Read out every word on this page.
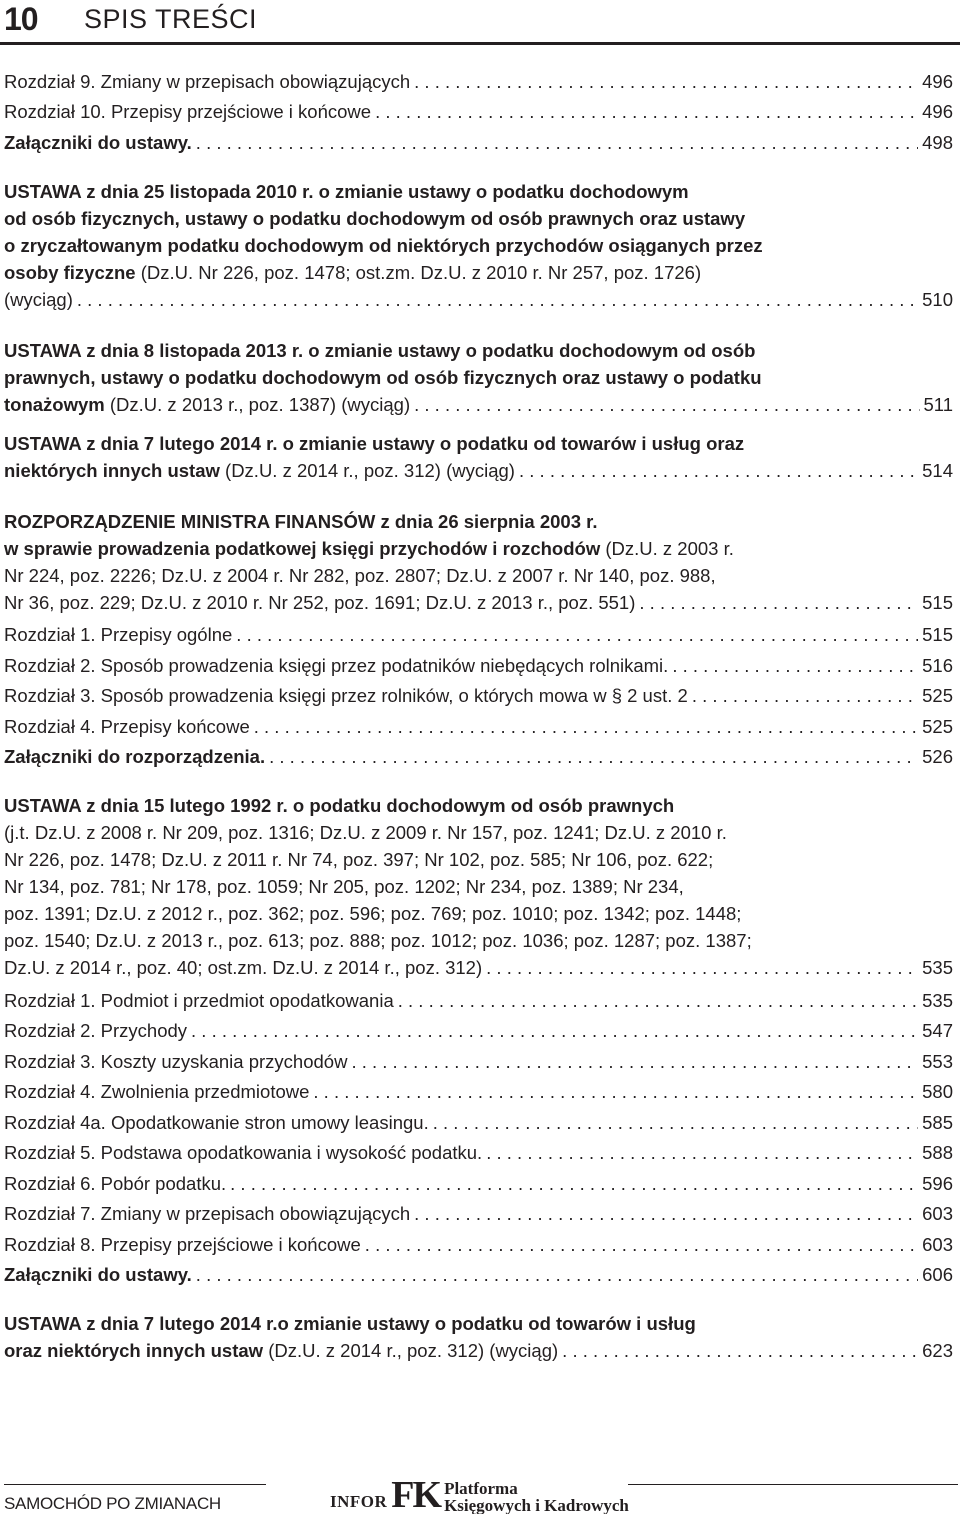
10 SPIS TREŚCI
Rozdział 9. Zmiany w przepisach obowiązujących . . .	496
Rozdział 10. Przepisy przejściowe i końcowe . . .	496
Załączniki do ustawy. . . .	498
USTAWA z dnia 25 listopada 2010 r. o zmianie ustawy o podatku dochodowym
od osób fizycznych, ustawy o podatku dochodowym od osób prawnych oraz ustawy
o zryczałtowanym podatku dochodowym od niektórych przychodów osiąganych przez
osoby fizyczne (Dz.U. Nr 226, poz. 1478; ost.zm. Dz.U. z 2010 r. Nr 257, poz. 1726)
(wyciąg) . . .	510
USTAWA z dnia 8 listopada 2013 r. o zmianie ustawy o podatku dochodowym od osób
prawnych, ustawy o podatku dochodowym od osób fizycznych oraz ustawy o podatku
tonażowym (Dz.U. z 2013 r., poz. 1387) (wyciąg) . . .	511
USTAWA z dnia 7 lutego 2014 r. o zmianie ustawy o podatku od towarów i usług oraz
niektórych innych ustaw (Dz.U. z 2014 r., poz. 312) (wyciąg) . . .	514
ROZPORZĄDZENIE MINISTRA FINANSÓW z dnia 26 sierpnia 2003 r.
w sprawie prowadzenia podatkowej księgi przychodów i rozchodów (Dz.U. z 2003 r.
Nr 224, poz. 2226; Dz.U. z 2004 r. Nr 282, poz. 2807; Dz.U. z 2007 r. Nr 140, poz. 988,
Nr 36, poz. 229; Dz.U. z 2010 r. Nr 252, poz. 1691; Dz.U. z 2013 r., poz. 551) . . .	515
Rozdział 1. Przepisy ogólne . . .	515
Rozdział 2. Sposób prowadzenia księgi przez podatników niebędących rolnikami. . . .	516
Rozdział 3. Sposób prowadzenia księgi przez rolników, o których mowa w § 2 ust. 2 . . .	525
Rozdział 4. Przepisy końcowe . . .	525
Załączniki do rozporządzenia. . . .	526
USTAWA z dnia 15 lutego 1992 r. o podatku dochodowym od osób prawnych
(j.t. Dz.U. z 2008 r. Nr 209, poz. 1316; Dz.U. z 2009 r. Nr 157, poz. 1241; Dz.U. z 2010 r.
Nr 226, poz. 1478; Dz.U. z 2011 r. Nr 74, poz. 397; Nr 102, poz. 585; Nr 106, poz. 622;
Nr 134, poz. 781; Nr 178, poz. 1059; Nr 205, poz. 1202; Nr 234, poz. 1389; Nr 234,
poz. 1391; Dz.U. z 2012 r., poz. 362; poz. 596; poz. 769; poz. 1010; poz. 1342; poz. 1448;
poz. 1540; Dz.U. z 2013 r., poz. 613; poz. 888; poz. 1012; poz. 1036; poz. 1287; poz. 1387;
Dz.U. z 2014 r., poz. 40; ost.zm. Dz.U. z 2014 r., poz. 312) . . .	535
Rozdział 1. Podmiot i przedmiot opodatkowania . . .	535
Rozdział 2. Przychody . . .	547
Rozdział 3. Koszty uzyskania przychodów . . .	553
Rozdział 4. Zwolnienia przedmiotowe . . .	580
Rozdział 4a. Opodatkowanie stron umowy leasingu. . . .	585
Rozdział 5. Podstawa opodatkowania i wysokość podatku. . . .	588
Rozdział 6. Pobór podatku. . . .	596
Rozdział 7. Zmiany w przepisach obowiązujących . . .	603
Rozdział 8. Przepisy przejściowe i końcowe . . .	603
Załączniki do ustawy. . . .	606
USTAWA z dnia 7 lutego 2014 r.o zmianie ustawy o podatku od towarów i usług
oraz niektórych innych ustaw (Dz.U. z 2014 r., poz. 312) (wyciąg) . . .	623
SAMOCHÓD PO ZMIANACH	INFOR FK Platforma
Księgowych i Kadrowych
